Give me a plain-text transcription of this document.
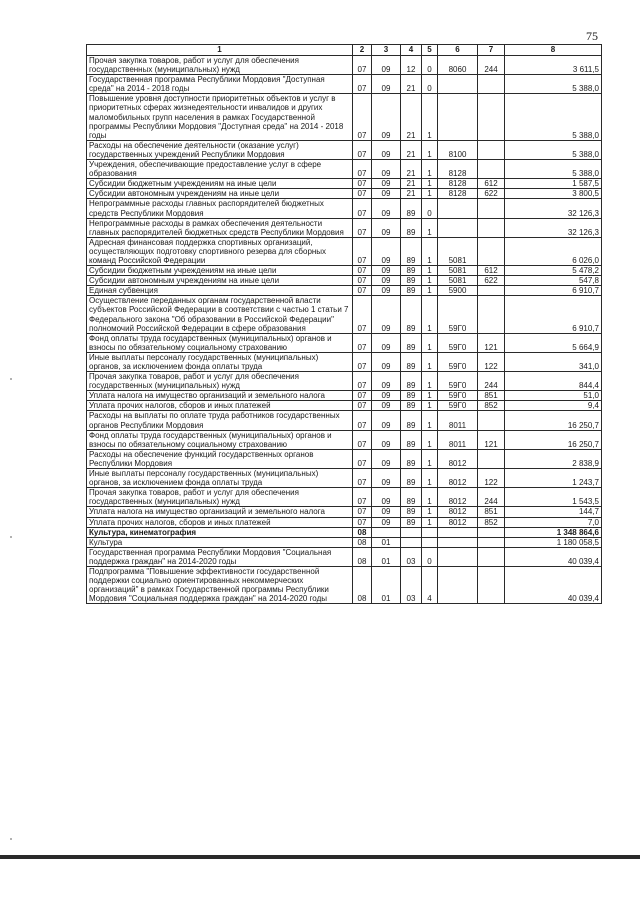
75
1	2	3	4	5	6	7	8
Прочая закупка товаров, работ и услуг для обеспечения государственных (муниципальных) нужд	07	09	12	0	8060	244	3 611,5
Государственная программа Республики Мордовия "Доступная среда" на 2014 - 2018 годы	07	09	21	0			5 388,0
Повышение уровня доступности приоритетных объектов и услуг в приоритетных сферах жизнедеятельности инвалидов и других маломобильных групп населения в рамках Государственной программы Республики Мордовия "Доступная среда" на 2014 - 2018 годы	07	09	21	1			5 388,0
Расходы на обеспечение деятельности (оказание услуг) государственных учреждений Республики Мордовия	07	09	21	1	8100		5 388,0
Учреждения, обеспечивающие предоставление услуг в сфере образования	07	09	21	1	8128		5 388,0
Субсидии бюджетным учреждениям на иные цели	07	09	21	1	8128	612	1 587,5
Субсидии автономным учреждениям на иные цели	07	09	21	1	8128	622	3 800,5
Непрограммные расходы главных распорядителей бюджетных средств Республики Мордовия	07	09	89	0			32 126,3
Непрограммные расходы в рамках обеспечения деятельности главных распорядителей бюджетных средств Республики Мордовия	07	09	89	1			32 126,3
Адресная финансовая поддержка спортивных организаций, осуществляющих подготовку спортивного резерва для сборных команд Российской Федерации	07	09	89	1	5081		6 026,0
Субсидии бюджетным учреждениям на иные цели	07	09	89	1	5081	612	5 478,2
Субсидии автономным учреждениям на иные цели	07	09	89	1	5081	622	547,8
Единая субвенция	07	09	89	1	5900		6 910,7
Осуществление переданных органам государственной власти субъектов Российской Федерации в соответствии с частью 1 статьи 7 Федерального закона "Об образовании в Российской Федерации" полномочий Российской Федерации в сфере образования	07	09	89	1	59Г0		6 910,7
Фонд оплаты труда государственных (муниципальных) органов и взносы по обязательному социальному страхованию	07	09	89	1	59Г0	121	5 664,9
Иные выплаты персоналу государственных (муниципальных) органов, за исключением фонда оплаты труда	07	09	89	1	59Г0	122	341,0
Прочая закупка товаров, работ и услуг для обеспечения государственных (муниципальных) нужд	07	09	89	1	59Г0	244	844,4
Уплата налога на имущество организаций и земельного налога	07	09	89	1	59Г0	851	51,0
Уплата прочих налогов, сборов и иных платежей	07	09	89	1	59Г0	852	9,4
Расходы на выплаты по оплате труда работников государственных органов Республики Мордовия	07	09	89	1	8011		16 250,7
Фонд оплаты труда государственных (муниципальных) органов и взносы по обязательному социальному страхованию	07	09	89	1	8011	121	16 250,7
Расходы на обеспечение функций государственных органов Республики Мордовия	07	09	89	1	8012		2 838,9
Иные выплаты персоналу государственных (муниципальных) органов, за исключением фонда оплаты труда	07	09	89	1	8012	122	1 243,7
Прочая закупка товаров, работ и услуг для обеспечения государственных (муниципальных) нужд	07	09	89	1	8012	244	1 543,5
Уплата налога на имущество организаций и земельного налога	07	09	89	1	8012	851	144,7
Уплата прочих налогов, сборов и иных платежей	07	09	89	1	8012	852	7,0
Культура, кинематография	08						1 348 864,6
Культура	08	01					1 180 058,5
Государственная программа Республики Мордовия "Социальная поддержка граждан" на 2014-2020 годы	08	01	03	0			40 039,4
Подпрограмма "Повышение эффективности государственной поддержки социально ориентированных некоммерческих организаций" в рамках Государственной программы Республики Мордовия "Социальная поддержка граждан" на 2014-2020 годы	08	01	03	4			40 039,4
